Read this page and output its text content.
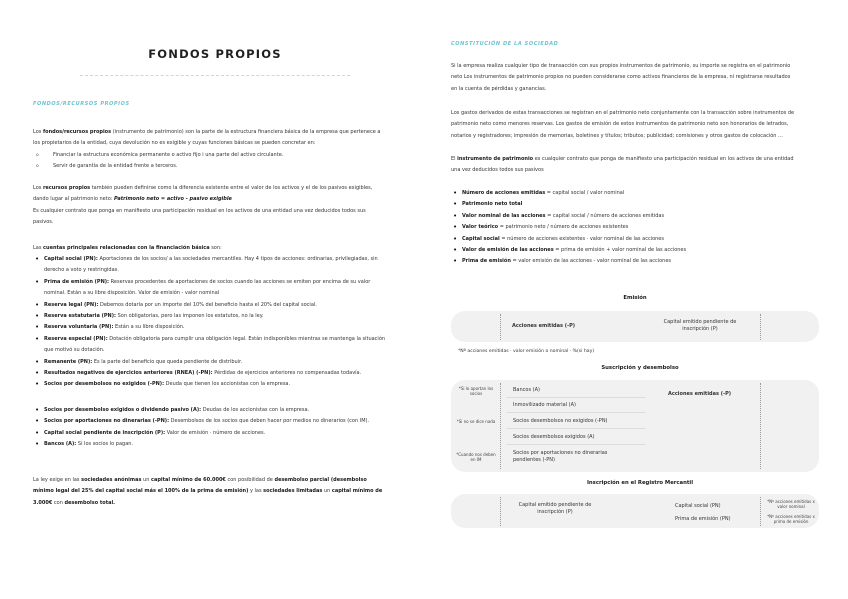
FONDOS PROPIOS
FONDOS/RECURSOS PROPIOS
Los fondos/recursos propios (instrumento de patrimonio) son la parte de la estructura financiera básica de la empresa que pertenece a
los propietarios de la entidad, cuya devolución no es exigible y cuyas funciones básicas se pueden concretar en:
o Financiar la estructura económica permanente o activo fijo i una parte del activo circulante.
o Servir de garantía de la entidad frente a terceros.
Los recursos propios también pueden definirse como la diferencia existente entre el valor de los activos y el de los pasivos exigibles,
dando lugar al patrimonio neto: Patrimonio neto = activo - pasivo exigible
Es cualquier contrato que ponga en manifiesto una participación residual en los activos de una entidad una vez deducidos todos sus
pasivos.
Las cuentas principales relacionadas con la financiación básica son:
• Capital social (PN): Aportaciones de los socios/ a las sociedades mercantiles. Hay 4 tipos de acciones: ordinarias, privilegiadas, sin
derecho a voto y restringidas.
• Prima de emisión (PN): Reservas procedentes de aportaciones de socios cuando las acciones se emiten por encima de su valor
nominal. Están a su libre disposición. Valor de emisión - valor nominal
• Reserva legal (PN): Debemos dotarla por un importe del 10% del beneficio hasta el 20% del capital social.
• Reserva estatutaria (PN): Son obligatorias, pero las imponen los estatutos, no la ley.
• Reserva voluntaria (PN): Están a su libre disposición.
• Reserva especial (PN): Dotación obligatoria para cumplir una obligación legal. Están indisponibles mientras se mantenga la situación
que motivó su dotación.
• Remanente (PN): Es la parte del beneficio que queda pendiente de distribuir.
• Resultados negativos de ejercicios anteriores (RNEA) (-PN): Pérdidas de ejercicios anteriores no compensadas todavía.
• Socios por desembolsos no exigidos (-PN): Deuda que tienen los accionistas con la empresa.
• Socios por desembolso exigidos o dividendo pasivo (A): Deudas de los accionistas con la empresa.
• Socios por aportaciones no dinerarias (-PN): Desembolsos de los socios que deben hacer por medios no dinerarios (con IM).
• Capital social pendiente de inscripción (P): Valor de emisión · número de acciones.
• Bancos (A): Si los socios lo pagan.
La ley exige en las sociedades anónimas un capital mínimo de 60.000€ con posibilidad de desembolso parcial (desembolso
mínimo legal del 25% del capital social más el 100% de la prima de emisión) y las sociedades limitadas un capital mínimo de
3.000€ con desembolso total.
CONSTITUCIÓN DE LA SOCIEDAD
Si la empresa realiza cualquier tipo de transacción con sus propios instrumentos de patrimonio, su importe se registra en el patrimonio
neto Los instrumentos de patrimonio propios no pueden considerarse como activos financieros de la empresa, ni registrarse resultados
en la cuenta de pérdidas y ganancias.
Los gastos derivados de estas transacciones se registran en el patrimonio neto conjuntamente con la transacción sobre instrumentos de
patrimonio neto como menores reservas. Los gastos de emisión de estos instrumentos de patrimonio neto son honorarios de letrados,
notarios y registradores; impresión de memorias, boletines y títulos; tributos; publicidad; comisiones y otros gastos de colocación ...
El instrumento de patrimonio es cualquier contrato que ponga de manifiesto una participación residual en los activos de una entidad
una vez deducidos todos sus pasivos
• Número de acciones emitidas = capital social / valor nominal
• Patrimonio neto total
• Valor nominal de las acciones = capital social / número de acciones emitidas
• Valor teórico = patrimonio neto / número de acciones existentes
• Capital social = número de acciones existentes · valor nominal de las acciones
• Valor de emisión de las acciones = prima de emisión + valor nominal de las acciones
• Prima de emisión = valor emisión de las acciones - valor nominal de las acciones
Emisión
Acciones emitidas (-P)
Capital emitido pendiente de
inscripción (P)
*Nº acciones emitidas · valor emisión o nominal · %(si hay)
Suscripción y desembolso
*Si lo aportan los
socios
*Si no se dice nada
*Cuando nos deben
en IM
Bancos (A)
Inmovilizado material (A)
Socios desembolsos no exigidos (-PN)
Socios desembolsos exigidos (A)
Socios por aportaciones no dinerarias
pendientes (-PN)
Acciones emitidas (-P)
Inscripción en el Registro Mercantil
Capital emitido pendiente de
inscripción (P)
Capital social (PN)
Prima de emisión (PN)
*Nº acciones emitidas x
valor nominal
*Nº acciones emitidas x
prima de emisión
